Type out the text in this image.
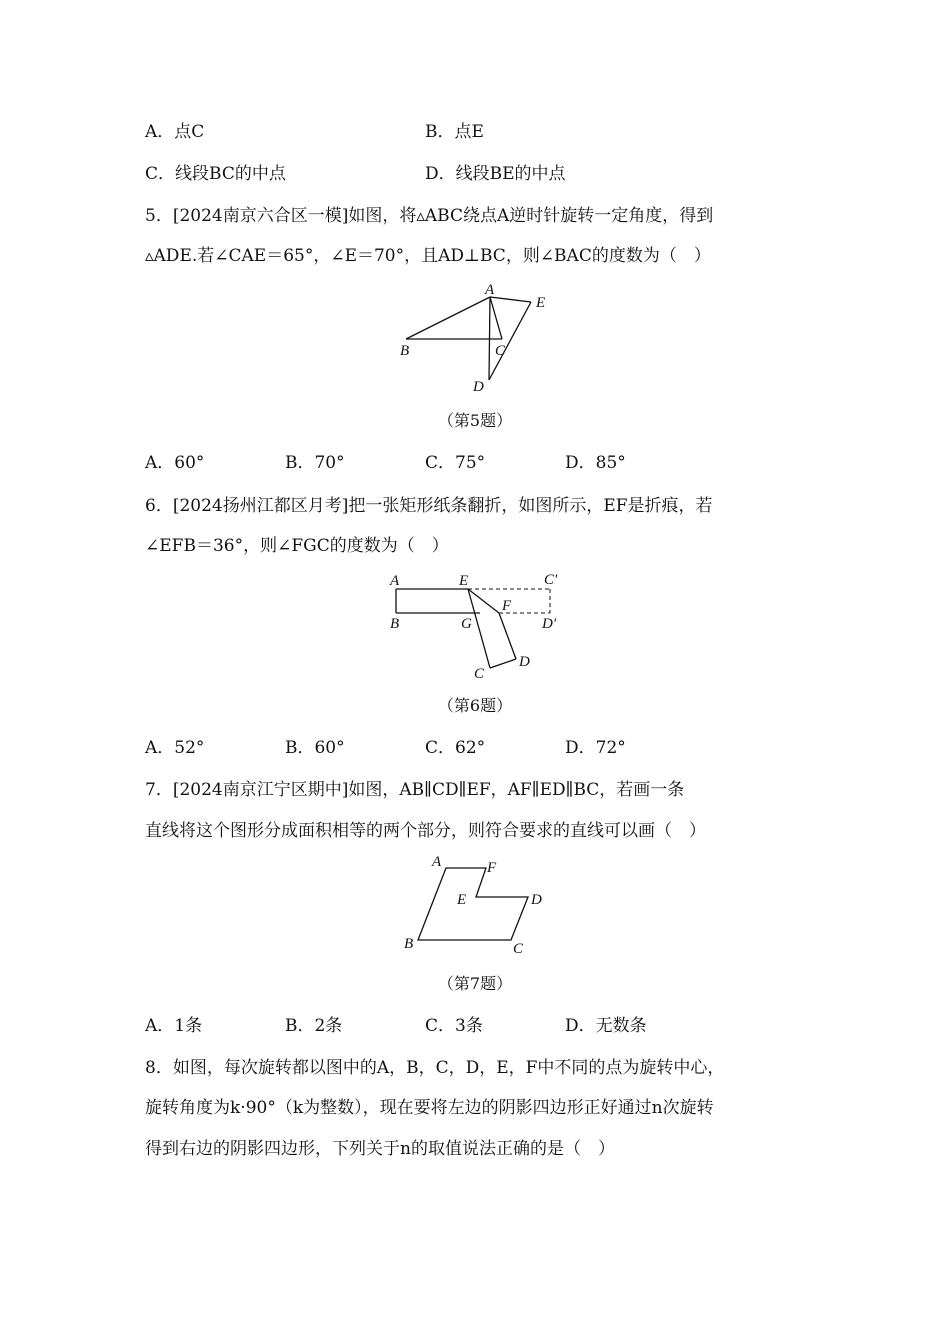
A．点C	B．点E
C．线段BC的中点	D．线段BE的中点
5．[2024南京六合区一模]如图，将▵ABC绕点A逆时针旋转一定角度，得到
▵ADE.若∠CAE＝65°，∠E＝70°，且AD⊥BC，则∠BAC的度数为（　）
A
B	C
D
E
（第5题）
A．60°	B．70°	C．75°	D．85°
6．[2024扬州江都区月考]把一张矩形纸条翻折，如图所示，EF是折痕，若
∠EFB＝36°，则∠FGC的度数为（　）
A
B
E
G
F
C′
D′
C
D
（第6题）
A．52°	B．60°	C．62°	D．72°
7．[2024南京江宁区期中]如图，AB∥CD∥EF，AF∥ED∥BC，若画一条
直线将这个图形分成面积相等的两个部分，则符合要求的直线可以画（　）
A	F
E	D
B	C
（第7题）
A．1条	B．2条	C．3条	D．无数条
8．如图，每次旋转都以图中的A，B，C，D，E，F中不同的点为旋转中心，
旋转角度为k·90°（k为整数），现在要将左边的阴影四边形正好通过n次旋转
得到右边的阴影四边形，下列关于n的取值说法正确的是（　）
